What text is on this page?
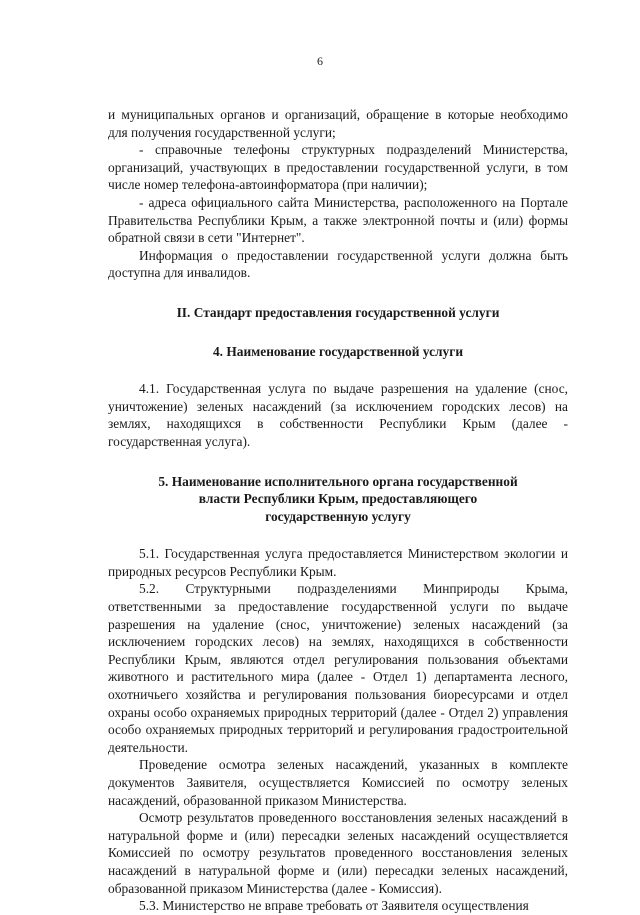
6

и муниципальных органов и организаций, обращение в которые необходимо для получения государственной услуги;

- справочные телефоны структурных подразделений Министерства, организаций, участвующих в предоставлении государственной услуги, в том числе номер телефона-автоинформатора (при наличии);

- адреса официального сайта Министерства, расположенного на Портале Правительства Республики Крым, а также электронной почты и (или) формы обратной связи в сети "Интернет".

Информация о предоставлении государственной услуги должна быть доступна для инвалидов.

II. Стандарт предоставления государственной услуги
4. Наименование государственной услуги

4.1. Государственная услуга по выдаче разрешения на удаление (снос, уничтожение) зеленых насаждений (за исключением городских лесов) на землях, находящихся в собственности Республики Крым (далее - государственная услуга).

5. Наименование исполнительного органа государственной власти Республики Крым, предоставляющего государственную услугу

5.1. Государственная услуга предоставляется Министерством экологии и природных ресурсов Республики Крым.

5.2. Структурными подразделениями Минприроды Крыма, ответственными за предоставление государственной услуги по выдаче разрешения на удаление (снос, уничтожение) зеленых насаждений (за исключением городских лесов) на землях, находящихся в собственности Республики Крым, являются отдел регулирования пользования объектами животного и растительного мира (далее - Отдел 1) департамента лесного, охотничьего хозяйства и регулирования пользования биоресурсами и отдел охраны особо охраняемых природных территорий (далее - Отдел 2) управления особо охраняемых природных территорий и регулирования градостроительной деятельности.

Проведение осмотра зеленых насаждений, указанных в комплекте документов Заявителя, осуществляется Комиссией по осмотру зеленых насаждений, образованной приказом Министерства.

Осмотр результатов проведенного восстановления зеленых насаждений в натуральной форме и (или) пересадки зеленых насаждений осуществляется Комиссией по осмотру результатов проведенного восстановления зеленых насаждений в натуральной форме и (или) пересадки зеленых насаждений, образованной приказом Министерства (далее - Комиссия).

5.3. Министерство не вправе требовать от Заявителя осуществления
